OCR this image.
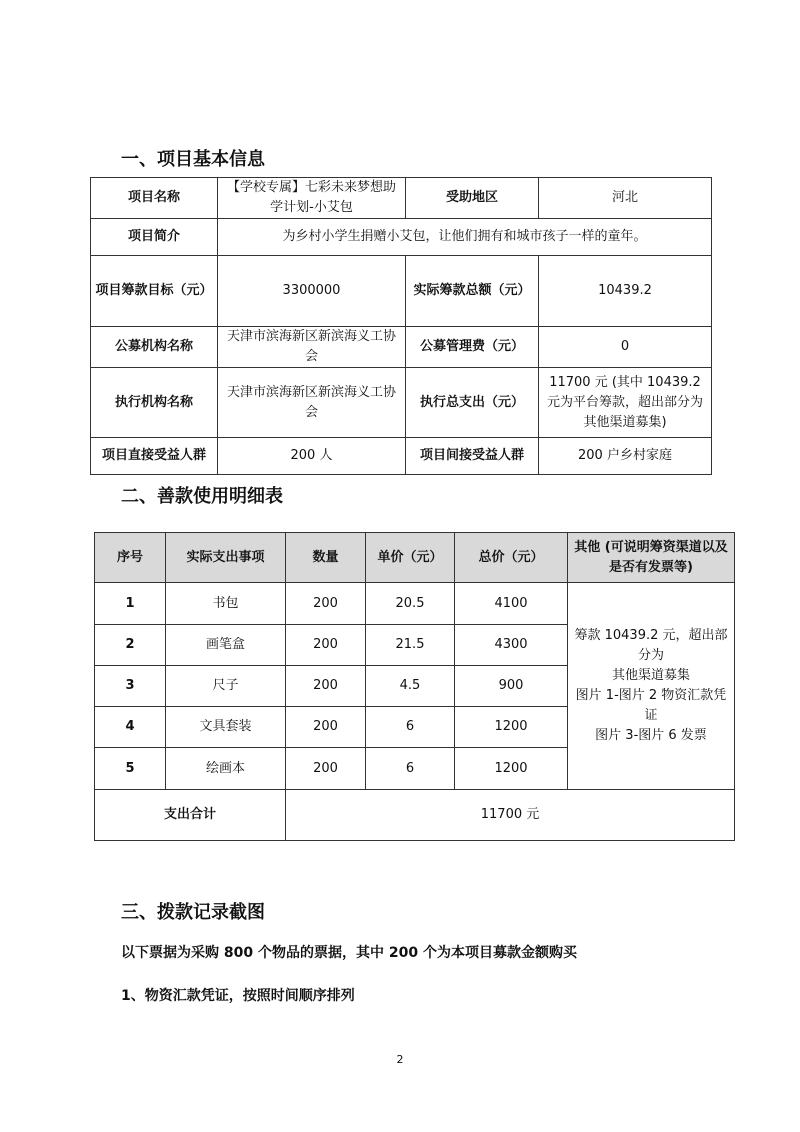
一、项目基本信息
项目名称	【学校专属】七彩未来梦想助学计划-小艾包	受助地区	河北
项目简介	为乡村小学生捐赠小艾包，让他们拥有和城市孩子一样的童年。		
项目筹款目标（元）	3300000	实际筹款总额（元）	10439.2
公募机构名称	天津市滨海新区新滨海义工协会	公募管理费（元）	0
执行机构名称	天津市滨海新区新滨海义工协会	执行总支出（元）	11700 元 (其中 10439.2 元为平台筹款，超出部分为其他渠道募集)
项目直接受益人群	200 人	项目间接受益人群	200 户乡村家庭
二、善款使用明细表
序号	实际支出事项	数量	单价（元）	总价（元）	其他 (可说明筹资渠道以及是否有发票等)
1	书包	200	20.5	4100	筹款 10439.2 元，超出部分为
其他渠道募集
图片 1-图片 2 物资汇款凭证
图片 3-图片 6 发票

2	画笔盒	200	21.5	4300	
3	尺子	200	4.5	900	
4	文具套装	200	6	1200	
5	绘画本	200	6	1200	
支出合计		11700 元			
三、拨款记录截图

以下票据为采购 800 个物品的票据，其中 200 个为本项目募款金额购买

1、物资汇款凭证，按照时间顺序排列

2
